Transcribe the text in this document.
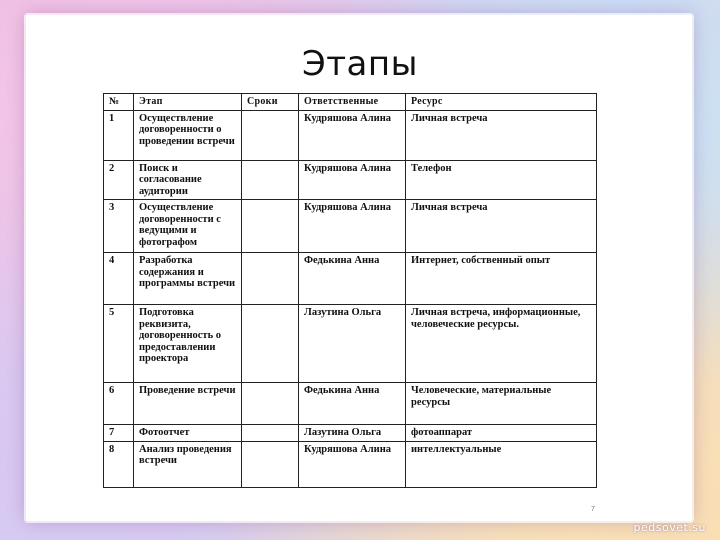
Этапы
№	Этап	Сроки	Ответственные	Ресурс
1	Осуществление договоренности о проведении встречи		Кудряшова Алина	Личная встреча
2	Поиск и согласование аудитории		Кудряшова Алина	Телефон
3	Осуществление договоренности с ведущими и фотографом		Кудряшова Алина	Личная встреча
4	Разработка содержания и программы встречи		Федькина Анна	Интернет, собственный опыт
5	Подготовка реквизита, договоренность о предоставлении проектора		Лазутина Ольга	Личная встреча, информационные, человеческие ресурсы.
6	Проведение встречи		Федькина Анна	Человеческие, материальные ресурсы
7	Фотоотчет		Лазутина Ольга	фотоаппарат
8	Анализ проведения встречи		Кудряшова Алина	интеллектуальные
7
pedsovet.su
